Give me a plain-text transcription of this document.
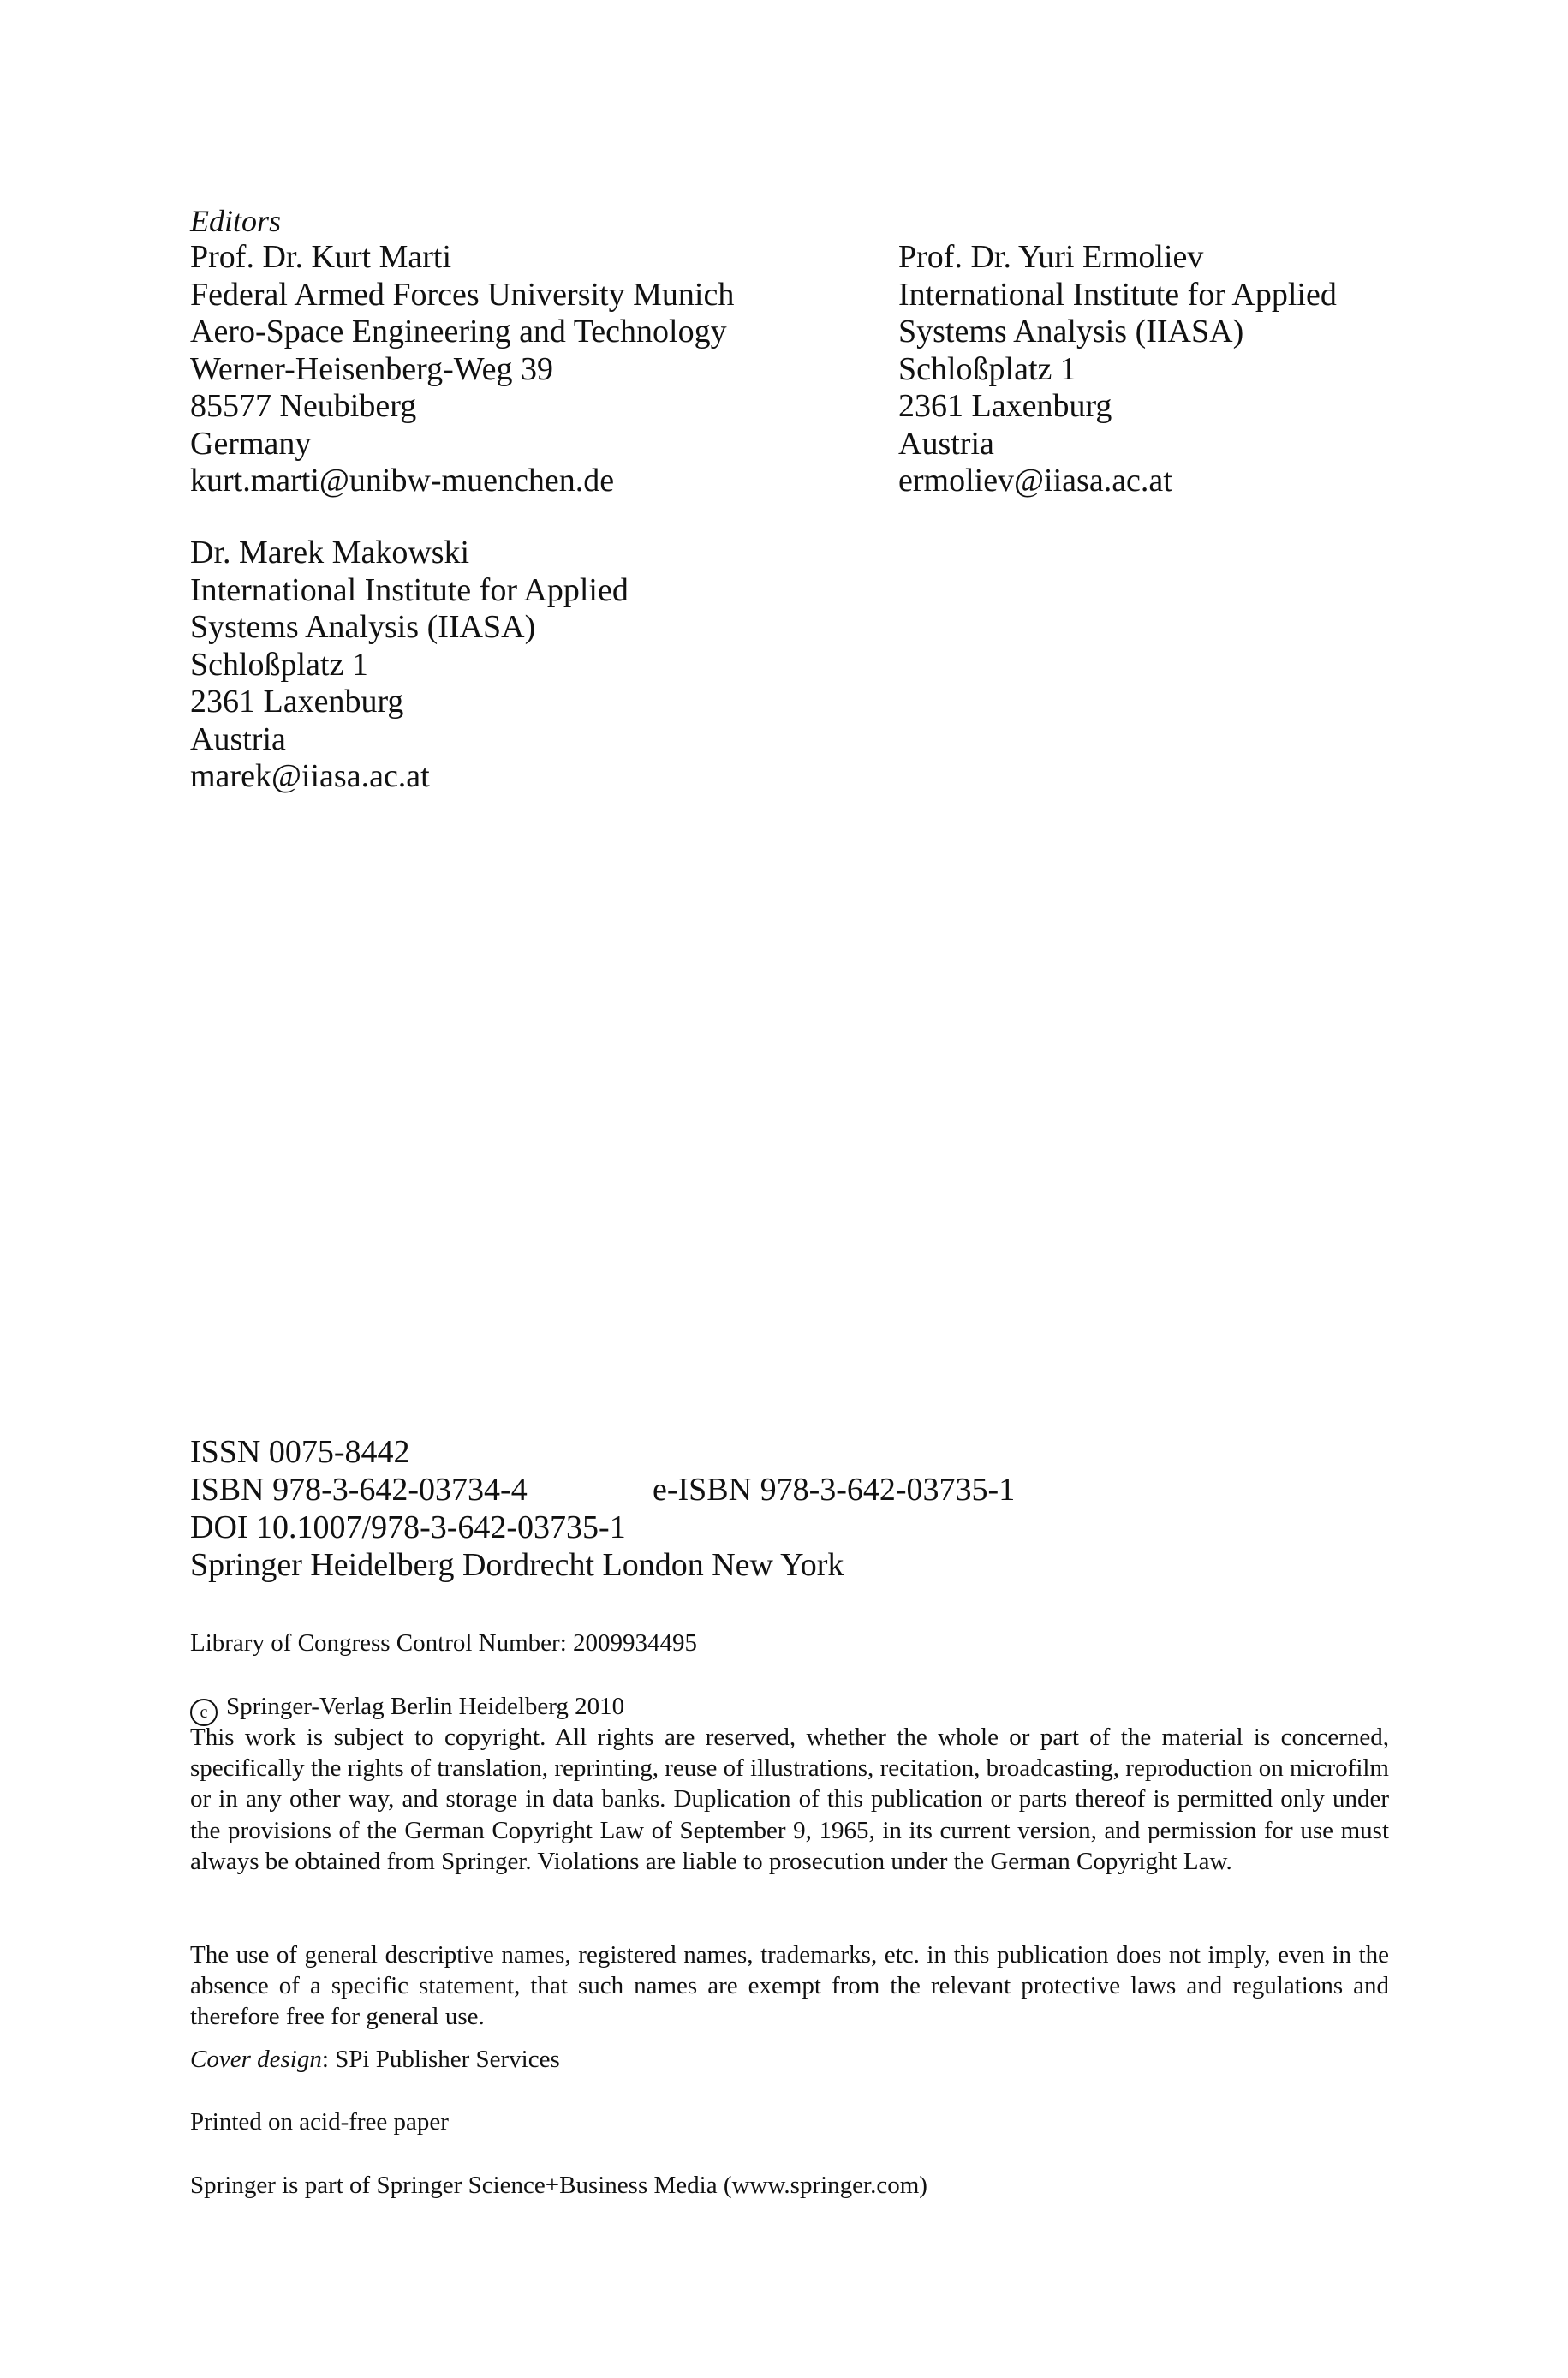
Editors
Prof. Dr. Kurt Marti
Federal Armed Forces University Munich
Aero-Space Engineering and Technology
Werner-Heisenberg-Weg 39
85577 Neubiberg
Germany
kurt.marti@unibw-muenchen.de
Prof. Dr. Yuri Ermoliev
International Institute for Applied
Systems Analysis (IIASA)
Schloßplatz 1
2361 Laxenburg
Austria
ermoliev@iiasa.ac.at
Dr. Marek Makowski
International Institute for Applied
Systems Analysis (IIASA)
Schloßplatz 1
2361 Laxenburg
Austria
marek@iiasa.ac.at
ISSN 0075-8442
ISBN 978-3-642-03734-4	e-ISBN 978-3-642-03735-1
DOI 10.1007/978-3-642-03735-1
Springer Heidelberg Dordrecht London New York
Library of Congress Control Number: 2009934495
c Springer-Verlag Berlin Heidelberg 2010
This work is subject to copyright. All rights are reserved, whether the whole or part of the material is concerned, specifically the rights of translation, reprinting, reuse of illustrations, recitation, broadcasting, reproduction on microfilm or in any other way, and storage in data banks. Duplication of this publication or parts thereof is permitted only under the provisions of the German Copyright Law of September 9, 1965, in its current version, and permission for use must always be obtained from Springer. Violations are liable to prosecution under the German Copyright Law.
The use of general descriptive names, registered names, trademarks, etc. in this publication does not imply, even in the absence of a specific statement, that such names are exempt from the relevant protective laws and regulations and therefore free for general use.
Cover design: SPi Publisher Services
Printed on acid-free paper
Springer is part of Springer Science+Business Media (www.springer.com)
